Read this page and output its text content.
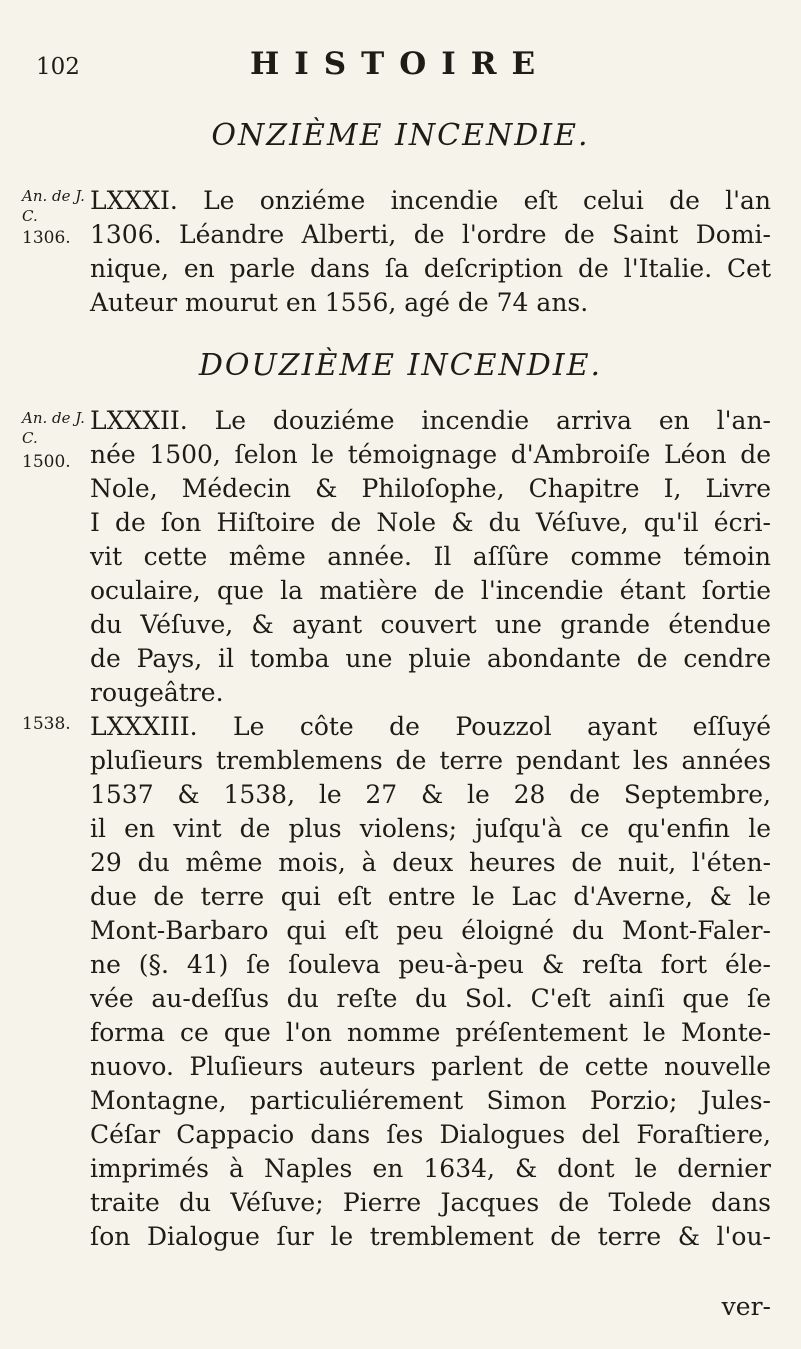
102	HISTOIRE
ONZIÈME INCENDIE.
An. de J. C.
1306.
LXXXI. Le onziéme incendie eſt celui de l'an
1306. Léandre Alberti, de l'ordre de Saint Domi-
nique, en parle dans ſa deſcription de l'Italie. Cet
Auteur mourut en 1556, agé de 74 ans.
DOUZIÈME INCENDIE.
An. de J. C.
1500.
1538.
LXXXII. Le douziéme incendie arriva en l'an-
née 1500, ſelon le témoignage d'Ambroiſe Léon de
Nole, Médecin & Philoſophe, Chapitre I, Livre
I de ſon Hiſtoire de Nole & du Véſuve, qu'il écri-
vit cette même année. Il aſſûre comme témoin
oculaire, que la matière de l'incendie étant ſortie
du Véſuve, & ayant couvert une grande étendue
de Pays, il tomba une pluie abondante de cendre
rougeâtre.
LXXXIII. Le côte de Pouzzol ayant eſſuyé
pluſieurs tremblemens de terre pendant les années
1537 & 1538, le 27 & le 28 de Septembre,
il en vint de plus violens; juſqu'à ce qu'enfin le
29 du même mois, à deux heures de nuit, l'éten-
due de terre qui eſt entre le Lac d'Averne, & le
Mont-Barbaro qui eſt peu éloigné du Mont-Faler-
ne (§. 41) ſe ſouleva peu-à-peu & reſta fort éle-
vée au-deſſus du reſte du Sol. C'eſt ainſi que ſe
forma ce que l'on nomme préſentement le Monte-
nuovo. Pluſieurs auteurs parlent de cette nouvelle
Montagne, particuliérement Simon Porzio; Jules-
Céſar Cappacio dans ſes Dialogues del Foraſtiere,
imprimés à Naples en 1634, & dont le dernier
traite du Véſuve; Pierre Jacques de Tolede dans
ſon Dialogue ſur le tremblement de terre & l'ou-
ver-
